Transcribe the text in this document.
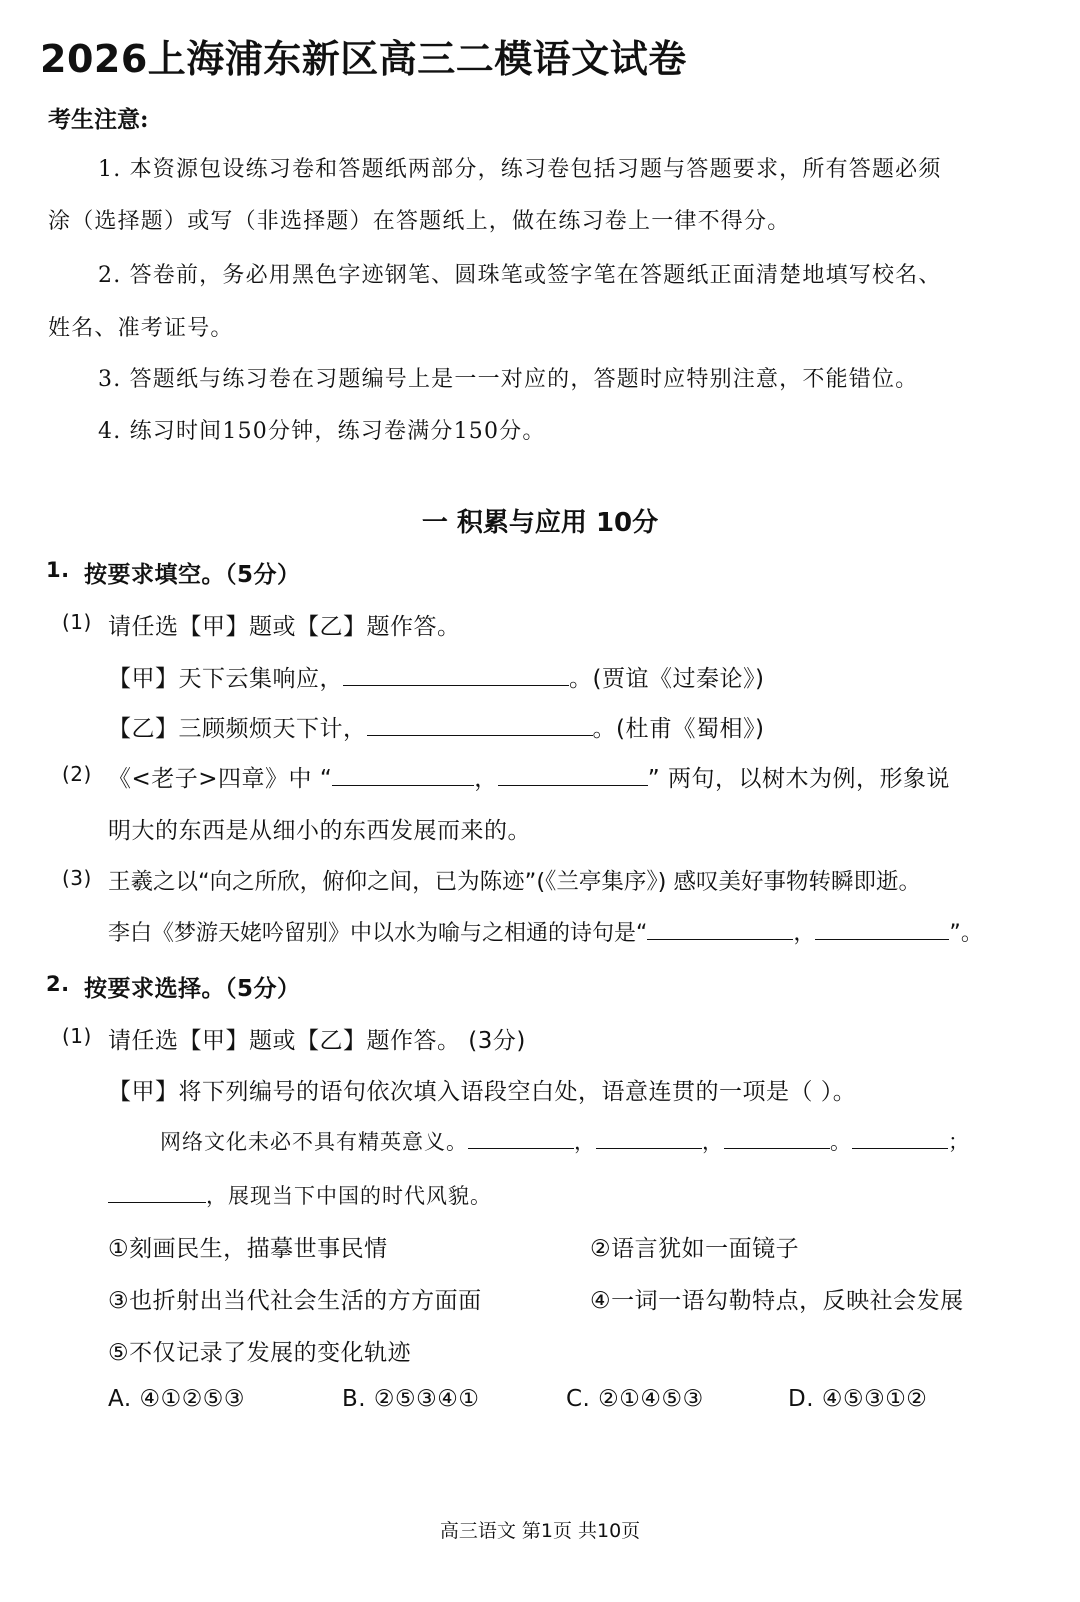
2026上海浦东新区高三二模语文试卷
考生注意:
1. 本资源包设练习卷和答题纸两部分，练习卷包括习题与答题要求，所有答题必须
涂（选择题）或写（非选择题）在答题纸上，做在练习卷上一律不得分。
2. 答卷前，务必用黑色字迹钢笔、圆珠笔或签字笔在答题纸正面清楚地填写校名、
姓名、准考证号。
3. 答题纸与练习卷在习题编号上是一一对应的，答题时应特别注意，不能错位。
4. 练习时间150分钟，练习卷满分150分。
一 积累与应用 10分
1. 按要求填空。（5分）
(1) 请任选【甲】题或【乙】题作答。
【甲】天下云集响应，	。(贾谊《过秦论》)
【乙】三顾频烦天下计，	。(杜甫《蜀相》)
(2) 《<老子>四章》中 “	，	” 两句，以树木为例，形象说
明大的东西是从细小的东西发展而来的。
(3) 王羲之以“向之所欣，俯仰之间，已为陈迹”(《兰亭集序》) 感叹美好事物转瞬即逝。
李白《梦游天姥吟留别》中以水为喻与之相通的诗句是“	，	”。
2. 按要求选择。（5分）
(1) 请任选【甲】题或【乙】题作答。 (3分)
【甲】将下列编号的语句依次填入语段空白处，语意连贯的一项是（ ）。
网络文化未必不具有精英意义。	，	，	。	；
，展现当下中国的时代风貌。
①刻画民生，描摹世事民情	②语言犹如一面镜子
③也折射出当代社会生活的方方面面	④一词一语勾勒特点，反映社会发展
⑤不仅记录了发展的变化轨迹
A. ④①②⑤③	B. ②⑤③④①	C. ②①④⑤③	D. ④⑤③①②
高三语文 第1页 共10页
